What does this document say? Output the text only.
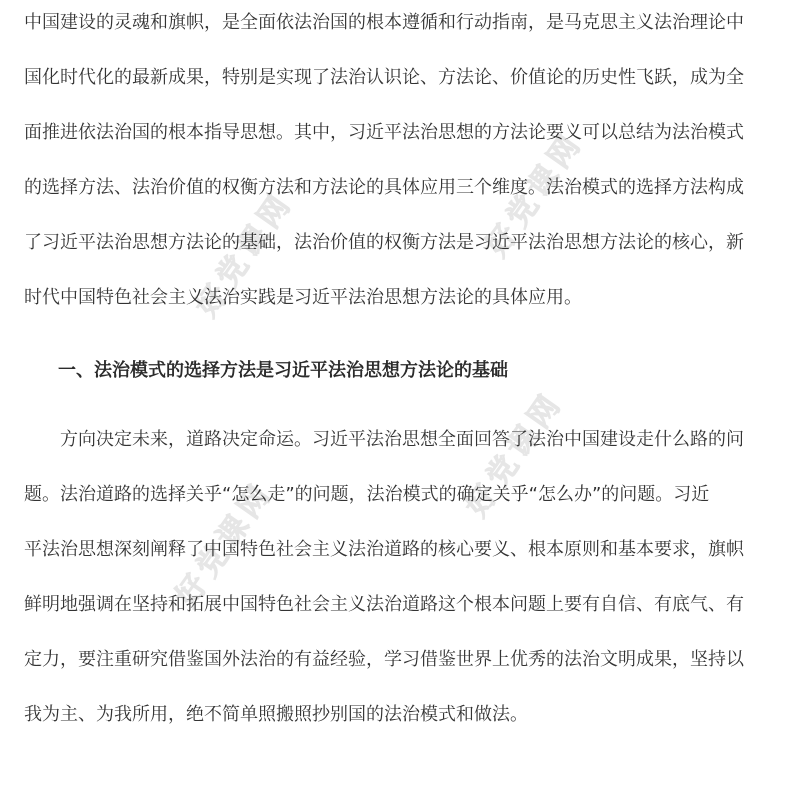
好党课网	好党课网
好党课网
好党课网

中国建设的灵魂和旗帜，是全面依法治国的根本遵循和行动指南，是马克思主义法治理论中
国化时代化的最新成果，特别是实现了法治认识论、方法论、价值论的历史性飞跃，成为全
面推进依法治国的根本指导思想。其中，习近平法治思想的方法论要义可以总结为法治模式
的选择方法、法治价值的权衡方法和方法论的具体应用三个维度。法治模式的选择方法构成
了习近平法治思想方法论的基础，法治价值的权衡方法是习近平法治思想方法论的核心，新
时代中国特色社会主义法治实践是习近平法治思想方法论的具体应用。

一、法治模式的选择方法是习近平法治思想方法论的基础

方向决定未来，道路决定命运。习近平法治思想全面回答了法治中国建设走什么路的问
题。法治道路的选择关乎“怎么走”的问题，法治模式的确定关乎“怎么办”的问题。习近
平法治思想深刻阐释了中国特色社会主义法治道路的核心要义、根本原则和基本要求，旗帜
鲜明地强调在坚持和拓展中国特色社会主义法治道路这个根本问题上要有自信、有底气、有
定力，要注重研究借鉴国外法治的有益经验，学习借鉴世界上优秀的法治文明成果，坚持以
我为主、为我所用，绝不简单照搬照抄别国的法治模式和做法。
